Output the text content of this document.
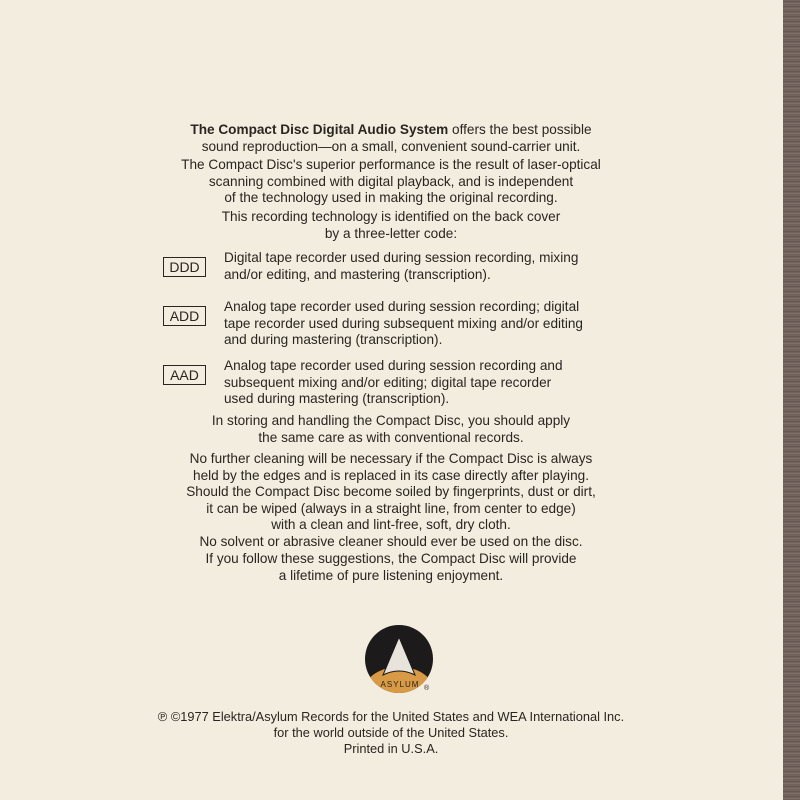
The Compact Disc Digital Audio System offers the best possible

sound reproduction—on a small, convenient sound-carrier unit.

The Compact Disc's superior performance is the result of laser-optical

scanning combined with digital playback, and is independent

of the technology used in making the original recording.

This recording technology is identified on the back cover

by a three-letter code:

DDD
Digital tape recorder used during session recording, mixing
and/or editing, and mastering (transcription).
ADD
Analog tape recorder used during session recording; digital
tape recorder used during subsequent mixing and/or editing
and during mastering (transcription).
AAD
Analog tape recorder used during session recording and
subsequent mixing and/or editing; digital tape recorder
used during mastering (transcription).

In storing and handling the Compact Disc, you should apply

the same care as with conventional records.

No further cleaning will be necessary if the Compact Disc is always

held by the edges and is replaced in its case directly after playing.

Should the Compact Disc become soiled by fingerprints, dust or dirt,

it can be wiped (always in a straight line, from center to edge)

with a clean and lint-free, soft, dry cloth.

No solvent or abrasive cleaner should ever be used on the disc.

If you follow these suggestions, the Compact Disc will provide

a lifetime of pure listening enjoyment.

ASYLUM ®

℗ ©1977 Elektra/Asylum Records for the United States and WEA International Inc.

for the world outside of the United States.

Printed in U.S.A.
